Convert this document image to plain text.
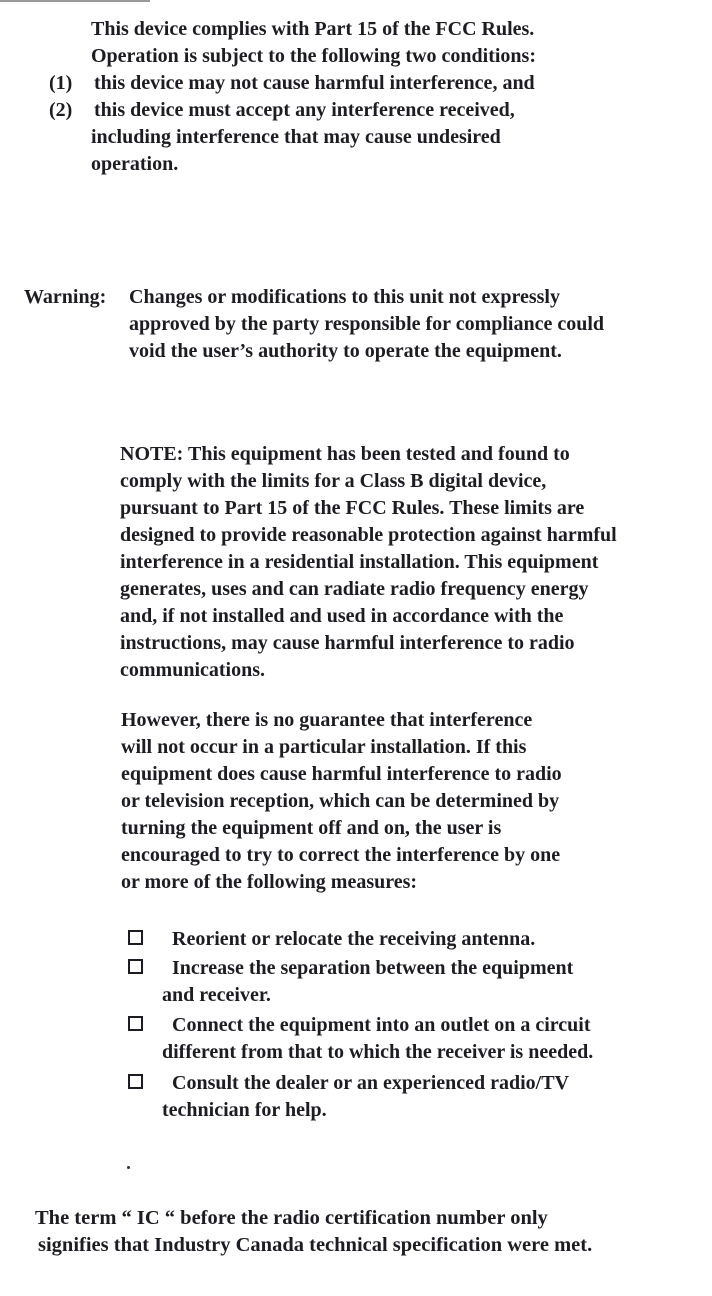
This device complies with Part 15 of the FCC Rules.
Operation is subject to the following two conditions:
(1) this device may not cause harmful interference, and
(2) this device must accept any interference received,
including interference that may cause undesired
operation.
Warning: Changes or modifications to this unit not expressly
approved by the party responsible for compliance could
void the user’s authority to operate the equipment.
NOTE: This equipment has been tested and found to
comply with the limits for a Class B digital device,
pursuant to Part 15 of the FCC Rules. These limits are
designed to provide reasonable protection against harmful
interference in a residential installation. This equipment
generates, uses and can radiate radio frequency energy
and, if not installed and used in accordance with the
instructions, may cause harmful interference to radio
communications.
However, there is no guarantee that interference
will not occur in a particular installation. If this
equipment does cause harmful interference to radio
or television reception, which can be determined by
turning the equipment off and on, the user is
encouraged to try to correct the interference by one
or more of the following measures:
Reorient or relocate the receiving antenna.
Increase the separation between the equipment
and receiver.
Connect the equipment into an outlet on a circuit
different from that to which the receiver is needed.
Consult the dealer or an experienced radio/TV
technician for help.
The term “ IC “ before the radio certification number only
signifies that Industry Canada technical specification were met.
